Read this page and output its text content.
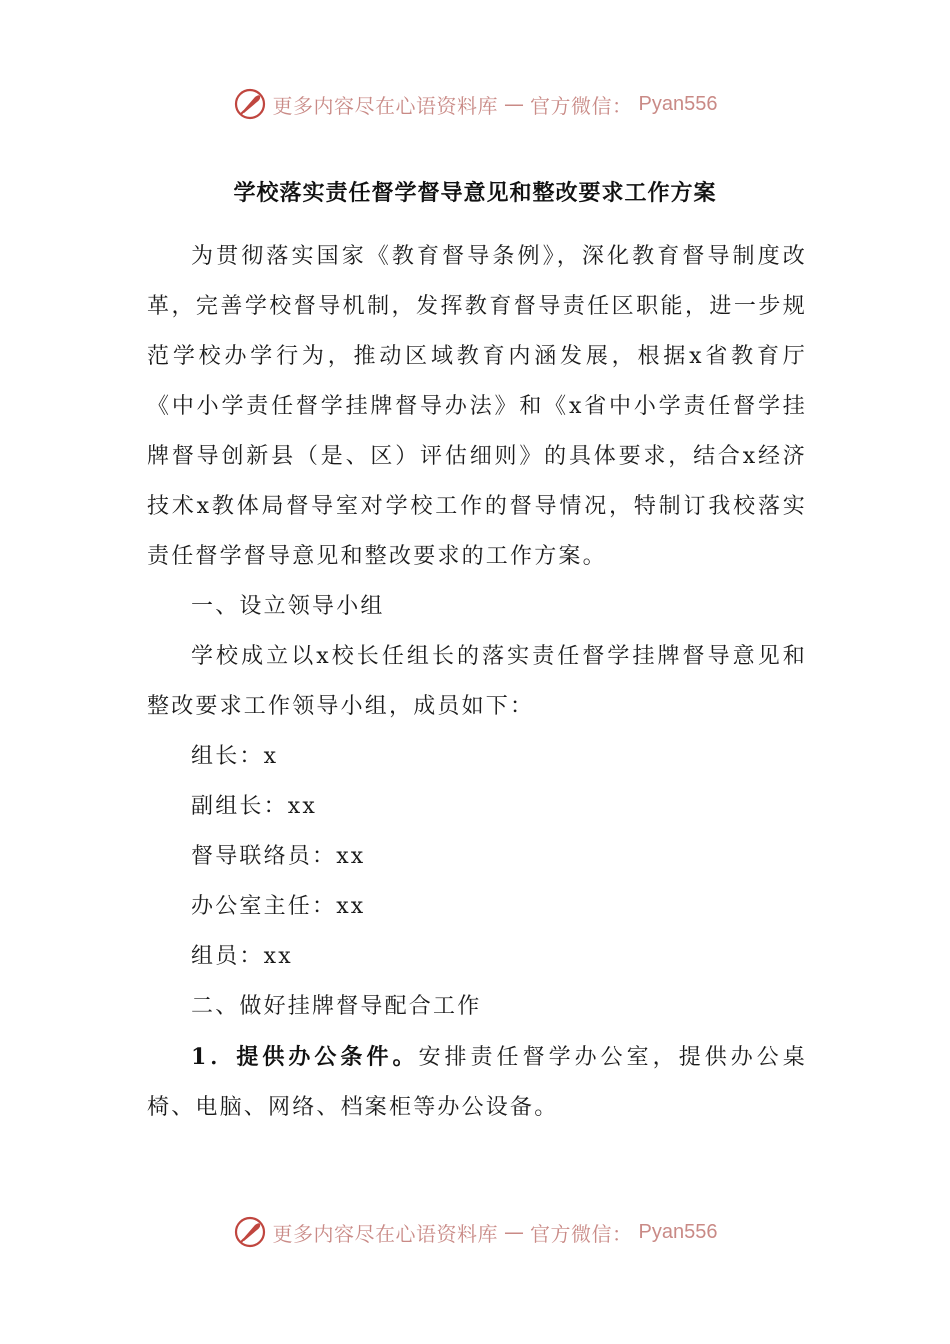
更多内容尽在心语资料库 — 官方微信： Pyan556
学校落实责任督学督导意见和整改要求工作方案

为贯彻落实国家《教育督导条例》，深化教育督导制度改革，完善学校督导机制，发挥教育督导责任区职能，进一步规范学校办学行为，推动区域教育内涵发展，根据x省教育厅《中小学责任督学挂牌督导办法》和《x省中小学责任督学挂牌督导创新县（是、区）评估细则》的具体要求，结合x经济技术x教体局督导室对学校工作的督导情况，特制订我校落实责任督学督导意见和整改要求的工作方案。

一、设立领导小组

学校成立以x校长任组长的落实责任督学挂牌督导意见和整改要求工作领导小组，成员如下：

组长：x

副组长：xx

督导联络员：xx

办公室主任：xx

组员：xx

二、做好挂牌督导配合工作

1．提供办公条件。安排责任督学办公室，提供办公桌椅、电脑、网络、档案柜等办公设备。

更多内容尽在心语资料库 — 官方微信： Pyan556
